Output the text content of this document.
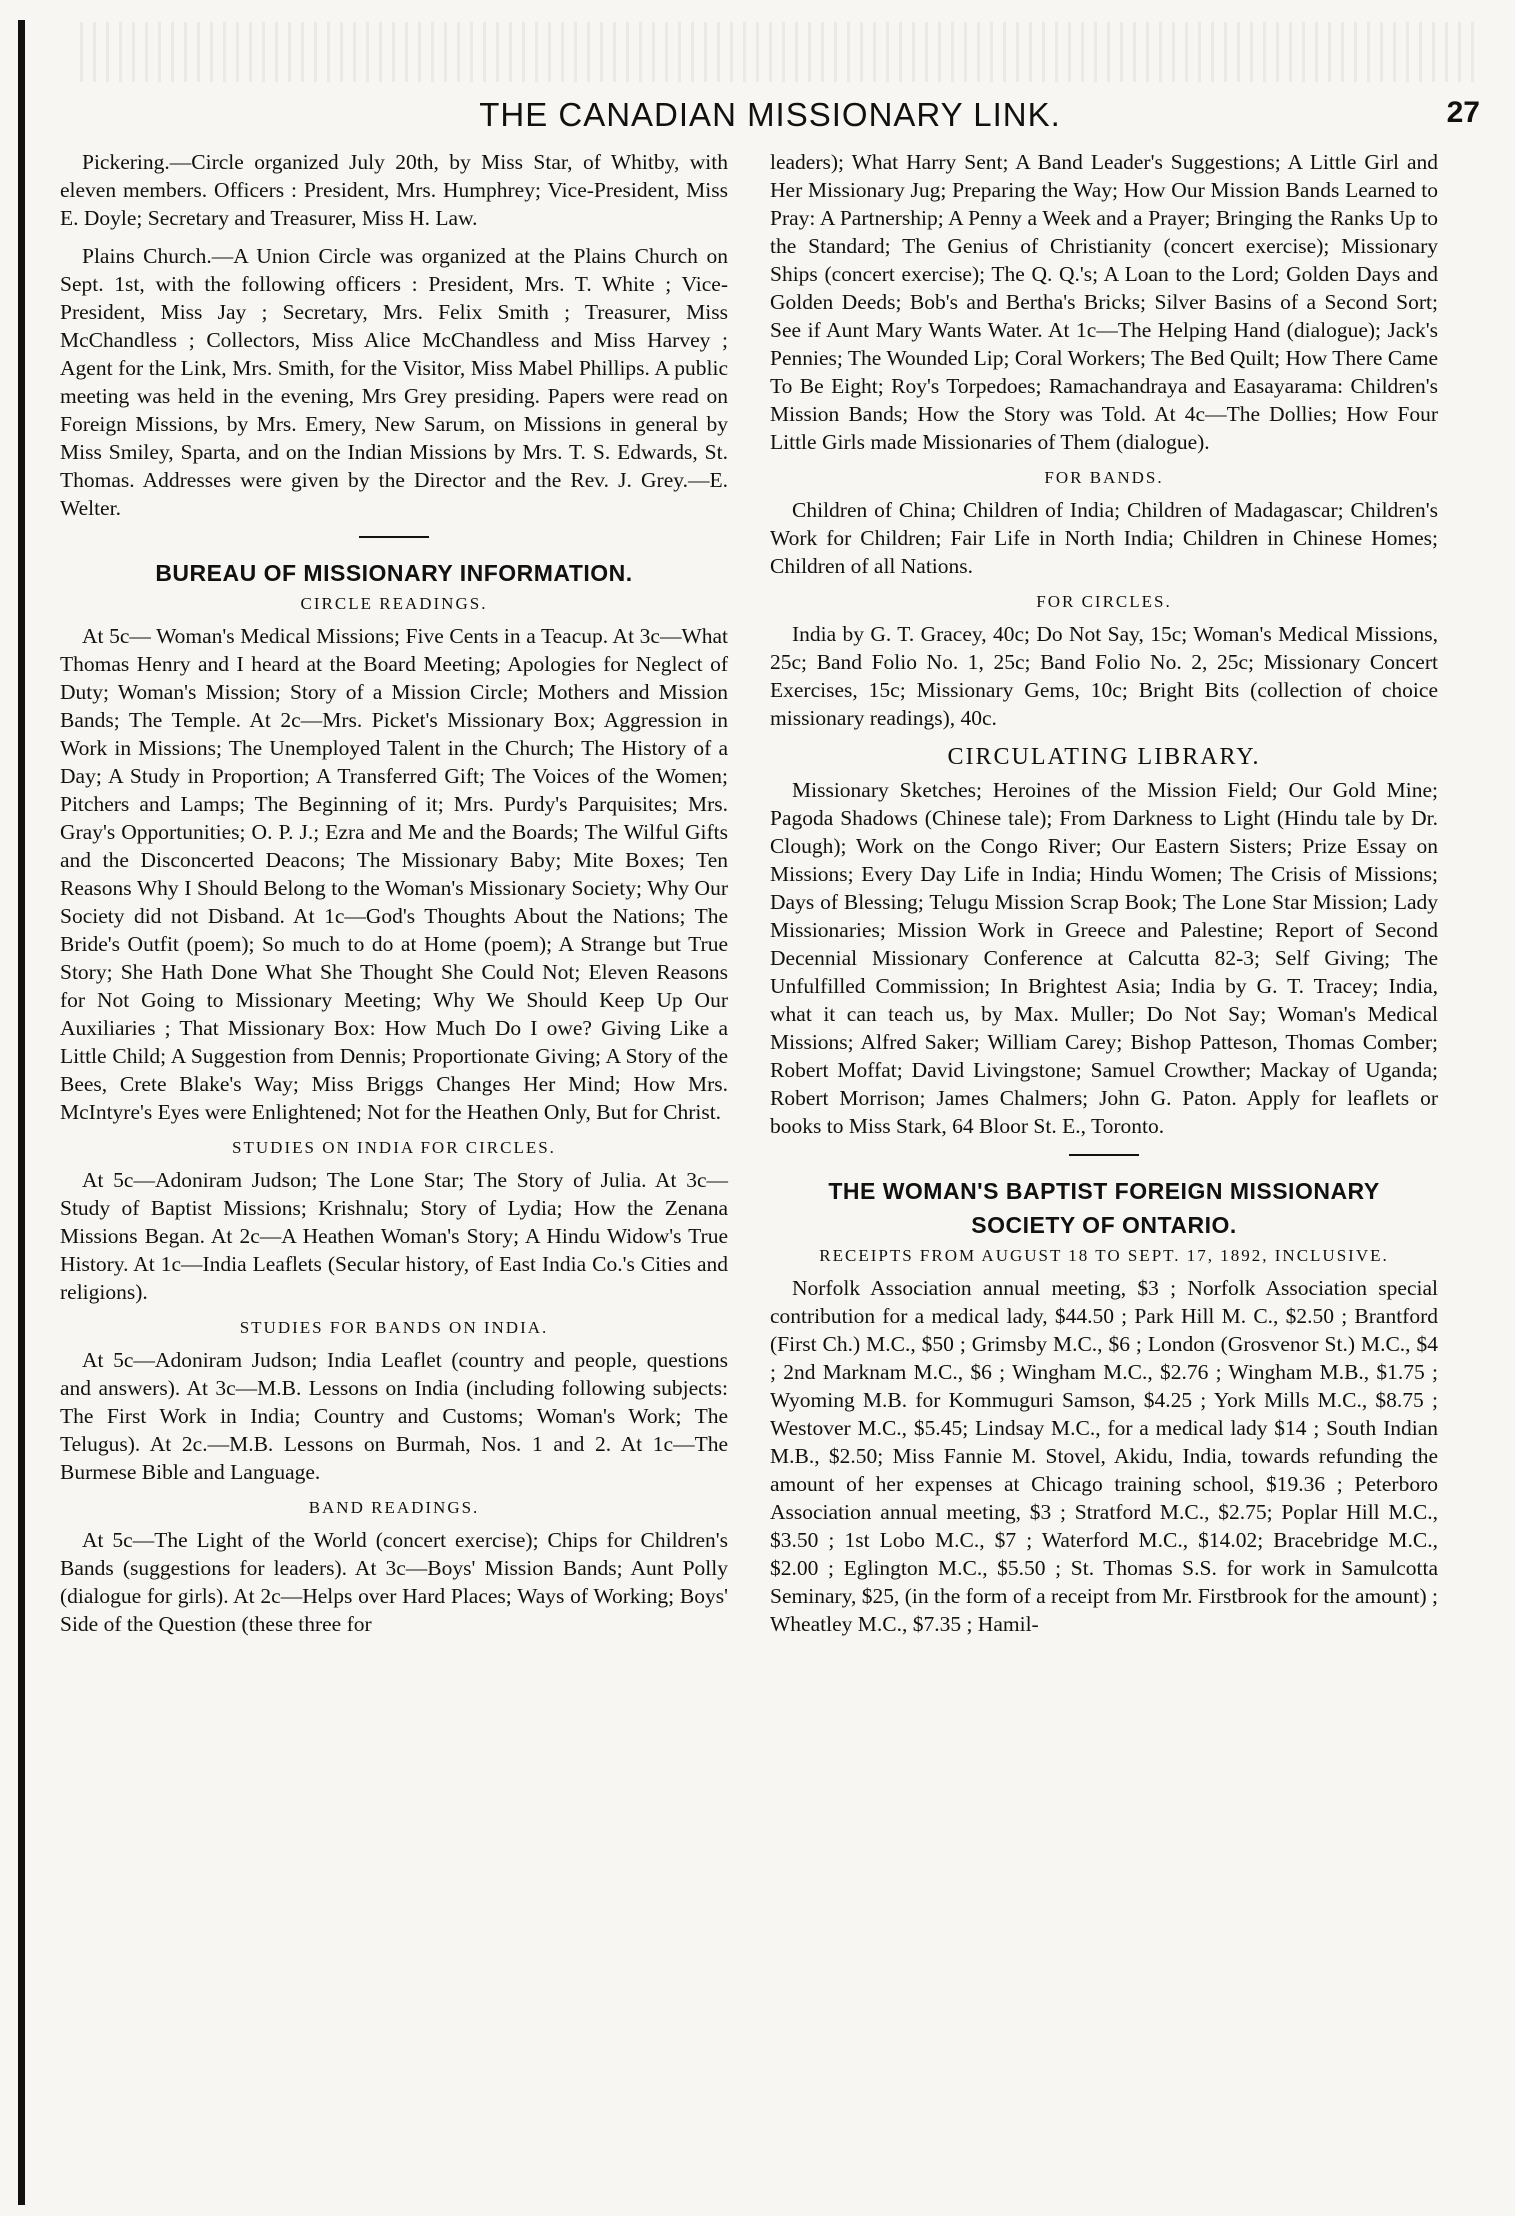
THE CANADIAN MISSIONARY LINK.	27

Pickering.—Circle organized July 20th, by Miss Star, of Whitby, with eleven members. Officers : President, Mrs. Humphrey; Vice-President, Miss E. Doyle; Secretary and Treasurer, Miss H. Law.

Plains Church.—A Union Circle was organized at the Plains Church on Sept. 1st, with the following officers : President, Mrs. T. White ; Vice-President, Miss Jay ; Secretary, Mrs. Felix Smith ; Treasurer, Miss McChandless ; Collectors, Miss Alice McChandless and Miss Harvey ; Agent for the Link, Mrs. Smith, for the Visitor, Miss Mabel Phillips. A public meeting was held in the evening, Mrs Grey presiding. Papers were read on Foreign Missions, by Mrs. Emery, New Sarum, on Missions in general by Miss Smiley, Sparta, and on the Indian Missions by Mrs. T. S. Edwards, St. Thomas. Addresses were given by the Director and the Rev. J. Grey.—E. Welter.

BUREAU OF MISSIONARY INFORMATION.
CIRCLE READINGS.

At 5c— Woman's Medical Missions; Five Cents in a Teacup. At 3c—What Thomas Henry and I heard at the Board Meeting; Apologies for Neglect of Duty; Woman's Mission; Story of a Mission Circle; Mothers and Mission Bands; The Temple. At 2c—Mrs. Picket's Missionary Box; Aggression in Work in Missions; The Unemployed Talent in the Church; The History of a Day; A Study in Proportion; A Transferred Gift; The Voices of the Women; Pitchers and Lamps; The Beginning of it; Mrs. Purdy's Parquisites; Mrs. Gray's Opportunities; O. P. J.; Ezra and Me and the Boards; The Wilful Gifts and the Disconcerted Deacons; The Missionary Baby; Mite Boxes; Ten Reasons Why I Should Belong to the Woman's Missionary Society; Why Our Society did not Disband. At 1c—God's Thoughts About the Nations; The Bride's Outfit (poem); So much to do at Home (poem); A Strange but True Story; She Hath Done What She Thought She Could Not; Eleven Reasons for Not Going to Missionary Meeting; Why We Should Keep Up Our Auxiliaries ; That Missionary Box: How Much Do I owe? Giving Like a Little Child; A Suggestion from Dennis; Proportionate Giving; A Story of the Bees, Crete Blake's Way; Miss Briggs Changes Her Mind; How Mrs. McIntyre's Eyes were Enlightened; Not for the Heathen Only, But for Christ.

STUDIES ON INDIA FOR CIRCLES.

At 5c—Adoniram Judson; The Lone Star; The Story of Julia. At 3c—Study of Baptist Missions; Krishnalu; Story of Lydia; How the Zenana Missions Began. At 2c—A Heathen Woman's Story; A Hindu Widow's True History. At 1c—India Leaflets (Secular history, of East India Co.'s Cities and religions).

STUDIES FOR BANDS ON INDIA.

At 5c—Adoniram Judson; India Leaflet (country and people, questions and answers). At 3c—M.B. Lessons on India (including following subjects: The First Work in India; Country and Customs; Woman's Work; The Telugus). At 2c.—M.B. Lessons on Burmah, Nos. 1 and 2. At 1c—The Burmese Bible and Language.

BAND READINGS.

At 5c—The Light of the World (concert exercise); Chips for Children's Bands (suggestions for leaders). At 3c—Boys' Mission Bands; Aunt Polly (dialogue for girls). At 2c—Helps over Hard Places; Ways of Working; Boys' Side of the Question (these three for

leaders); What Harry Sent; A Band Leader's Suggestions; A Little Girl and Her Missionary Jug; Preparing the Way; How Our Mission Bands Learned to Pray: A Partnership; A Penny a Week and a Prayer; Bringing the Ranks Up to the Standard; The Genius of Christianity (concert exercise); Missionary Ships (concert exercise); The Q. Q.'s; A Loan to the Lord; Golden Days and Golden Deeds; Bob's and Bertha's Bricks; Silver Basins of a Second Sort; See if Aunt Mary Wants Water. At 1c—The Helping Hand (dialogue); Jack's Pennies; The Wounded Lip; Coral Workers; The Bed Quilt; How There Came To Be Eight; Roy's Torpedoes; Ramachandraya and Easayarama: Children's Mission Bands; How the Story was Told. At 4c—The Dollies; How Four Little Girls made Missionaries of Them (dialogue).

FOR BANDS.

Children of China; Children of India; Children of Madagascar; Children's Work for Children; Fair Life in North India; Children in Chinese Homes; Children of all Nations.

FOR CIRCLES.

India by G. T. Gracey, 40c; Do Not Say, 15c; Woman's Medical Missions, 25c; Band Folio No. 1, 25c; Band Folio No. 2, 25c; Missionary Concert Exercises, 15c; Missionary Gems, 10c; Bright Bits (collection of choice missionary readings), 40c.

CIRCULATING LIBRARY.

Missionary Sketches; Heroines of the Mission Field; Our Gold Mine; Pagoda Shadows (Chinese tale); From Darkness to Light (Hindu tale by Dr. Clough); Work on the Congo River; Our Eastern Sisters; Prize Essay on Missions; Every Day Life in India; Hindu Women; The Crisis of Missions; Days of Blessing; Telugu Mission Scrap Book; The Lone Star Mission; Lady Missionaries; Mission Work in Greece and Palestine; Report of Second Decennial Missionary Conference at Calcutta 82-3; Self Giving; The Unfulfilled Commission; In Brightest Asia; India by G. T. Tracey; India, what it can teach us, by Max. Muller; Do Not Say; Woman's Medical Missions; Alfred Saker; William Carey; Bishop Patteson, Thomas Comber; Robert Moffat; David Livingstone; Samuel Crowther; Mackay of Uganda; Robert Morrison; James Chalmers; John G. Paton. Apply for leaflets or books to Miss Stark, 64 Bloor St. E., Toronto.

THE WOMAN'S BAPTIST FOREIGN MISSIONARY
SOCIETY OF ONTARIO.
RECEIPTS FROM AUGUST 18 TO SEPT. 17, 1892, INCLUSIVE.

Norfolk Association annual meeting, $3 ; Norfolk Association special contribution for a medical lady, $44.50 ; Park Hill M. C., $2.50 ; Brantford (First Ch.) M.C., $50 ; Grimsby M.C., $6 ; London (Grosvenor St.) M.C., $4 ; 2nd Marknam M.C., $6 ; Wingham M.C., $2.76 ; Wingham M.B., $1.75 ; Wyoming M.B. for Kommuguri Samson, $4.25 ; York Mills M.C., $8.75 ; Westover M.C., $5.45; Lindsay M.C., for a medical lady $14 ; South Indian M.B., $2.50; Miss Fannie M. Stovel, Akidu, India, towards refunding the amount of her expenses at Chicago training school, $19.36 ; Peterboro Association annual meeting, $3 ; Stratford M.C., $2.75; Poplar Hill M.C., $3.50 ; 1st Lobo M.C., $7 ; Waterford M.C., $14.02; Bracebridge M.C., $2.00 ; Eglington M.C., $5.50 ; St. Thomas S.S. for work in Samulcotta Seminary, $25, (in the form of a receipt from Mr. Firstbrook for the amount) ; Wheatley M.C., $7.35 ; Hamil-
